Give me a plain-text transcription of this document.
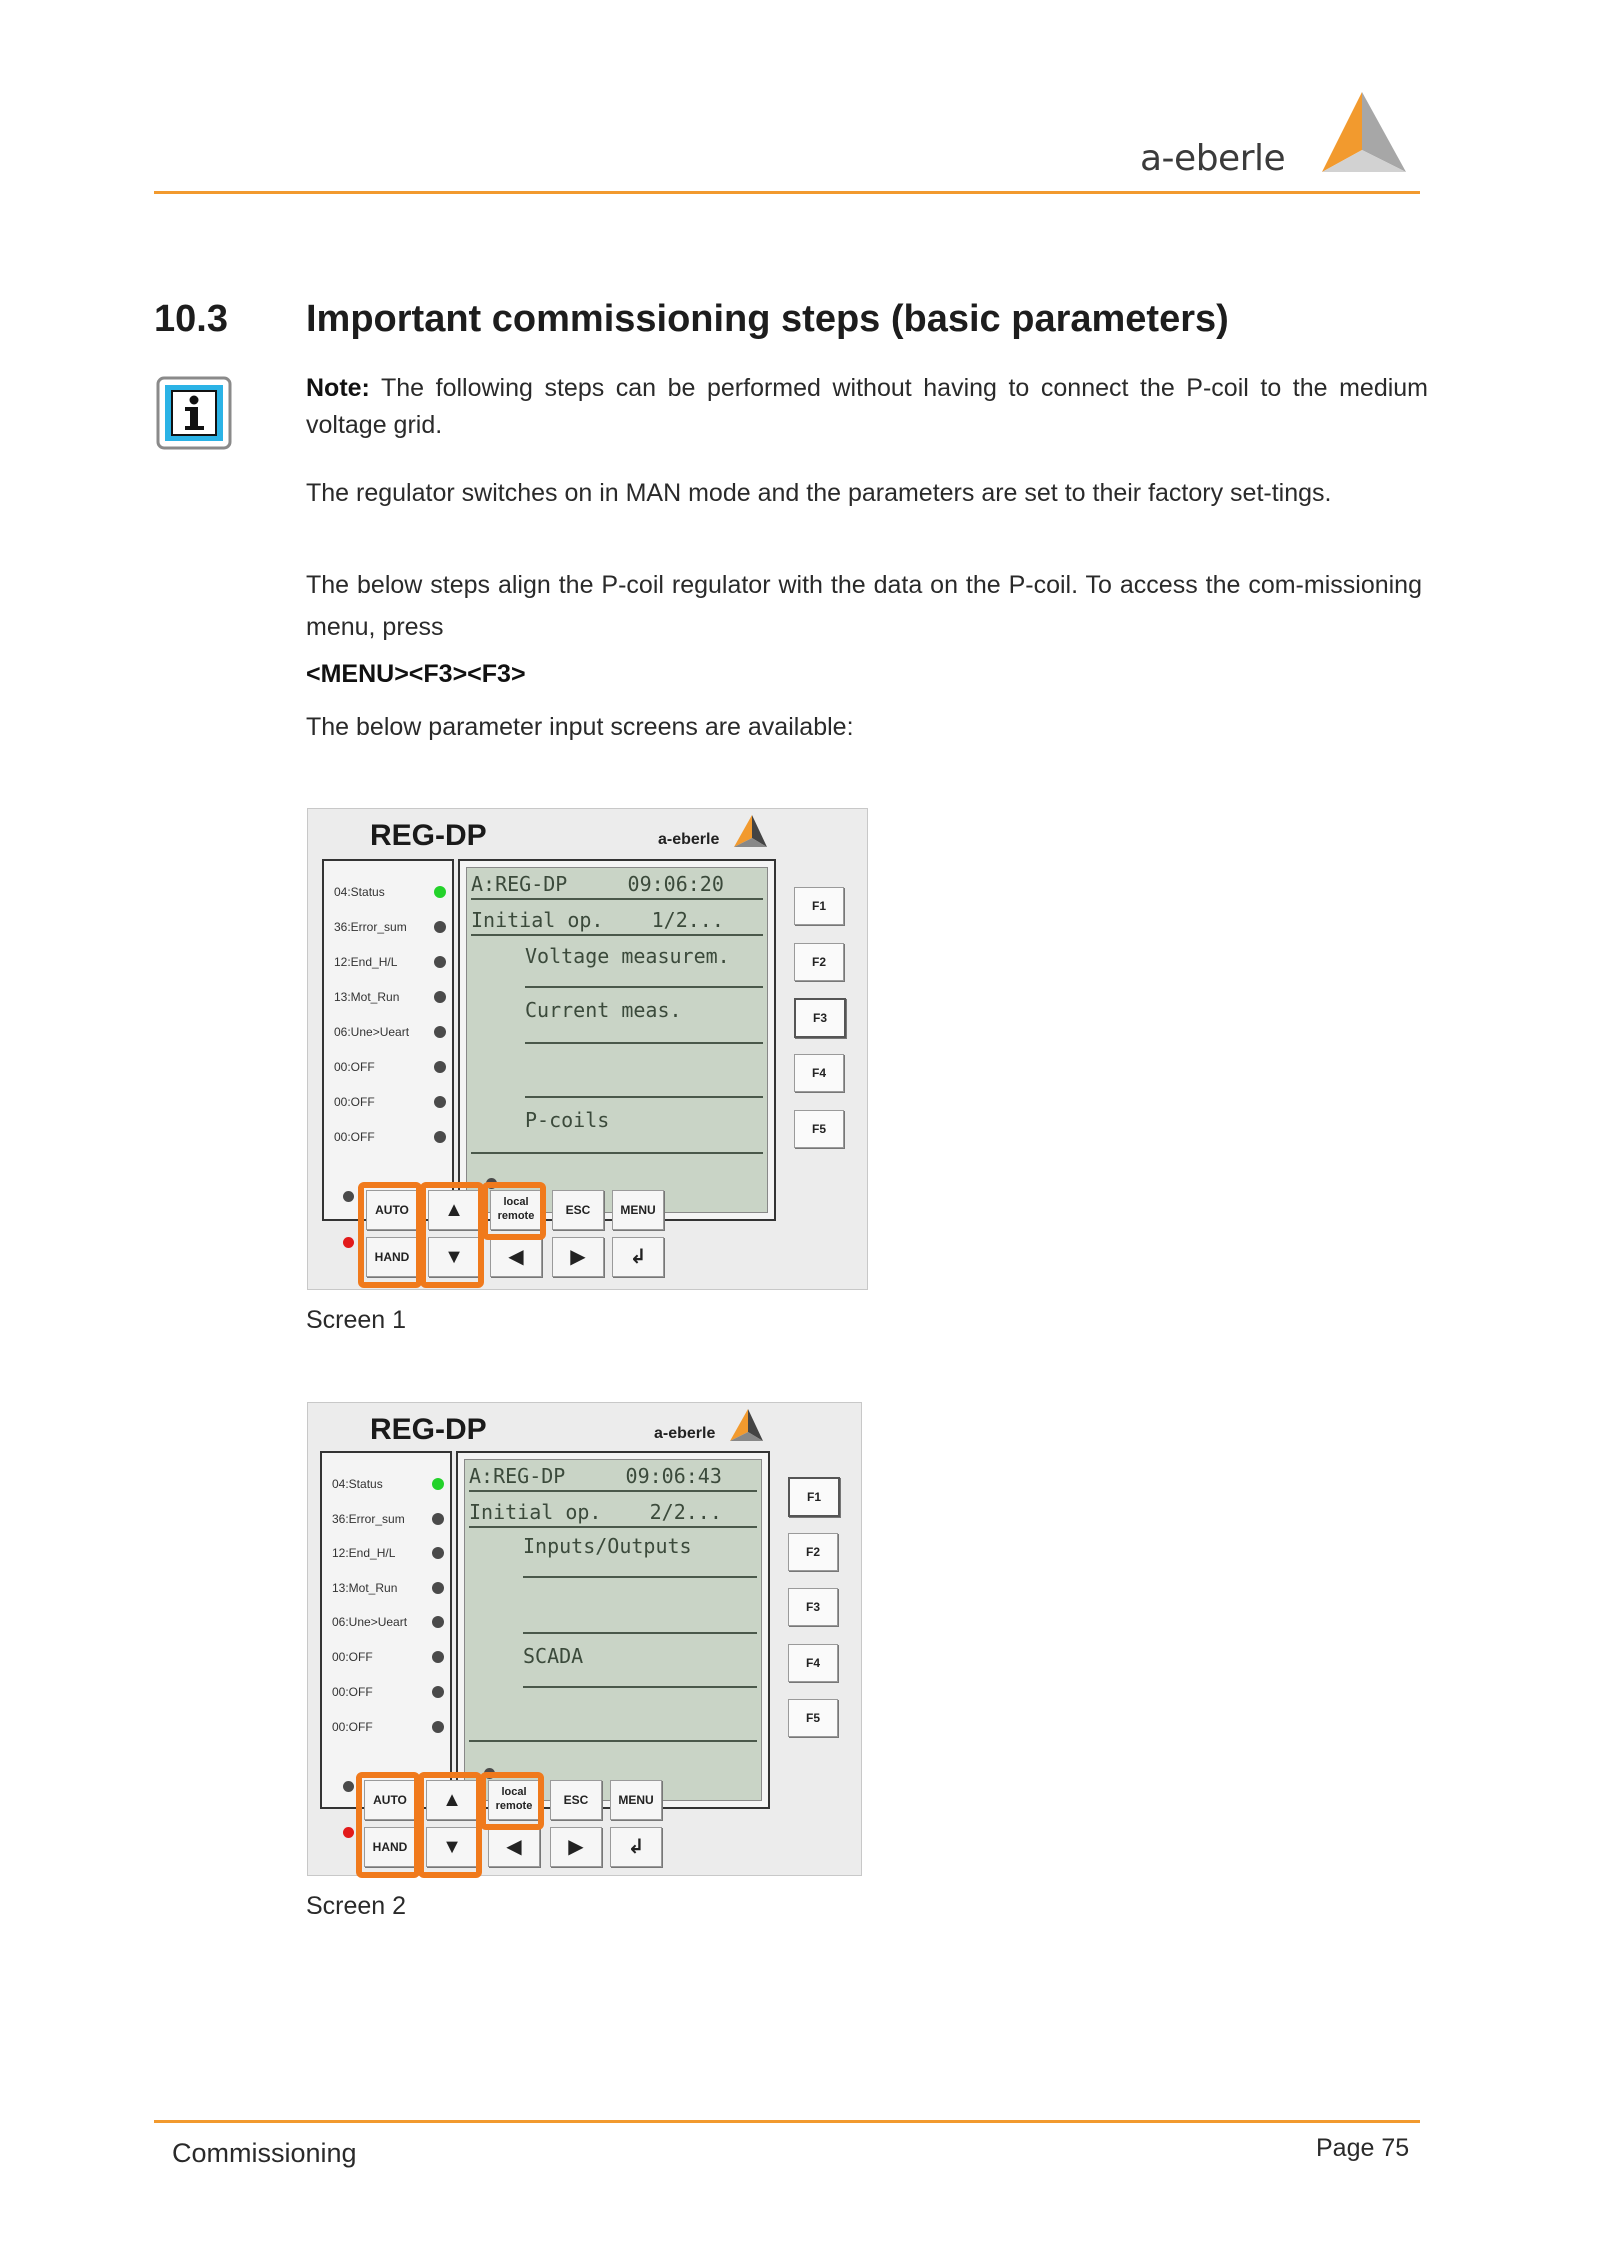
a-eberle
10.3 Important commissioning steps (basic parameters)
Note: The following steps can be performed without having to connect the P-coil to the medium voltage grid.
The regulator switches on in MAN mode and the parameters are set to their factory set-tings.
The below steps align the P-coil regulator with the data on the P-coil. To access the com-missioning menu, press
<MENU><F3><F3>
The below parameter input screens are available:
REG-DP	a-eberle
04:Status
36:Error_sum
12:End_H/L
13:Mot_Run
06:Une>Ueart
00:OFF
00:OFF
00:OFF
A:REG-DP     09:06:20
Initial op.    1/2...
Voltage measurem.
Current meas.
P-coils
F1
F2
F3
F4
F5
AUTO
HAND
▲
▼
local
remote	ESC	MENU
◀	▶	↲
Screen 1
REG-DP	a-eberle
04:Status
36:Error_sum
12:End_H/L
13:Mot_Run
06:Une>Ueart
00:OFF
00:OFF
00:OFF
A:REG-DP     09:06:43
Initial op.    2/2...
Inputs/Outputs
SCADA
F1
F2
F3
F4
F5
AUTO
HAND
▲
▼
local
remote	ESC	MENU
◀	▶	↲
Screen 2
Commissioning	Page 75
